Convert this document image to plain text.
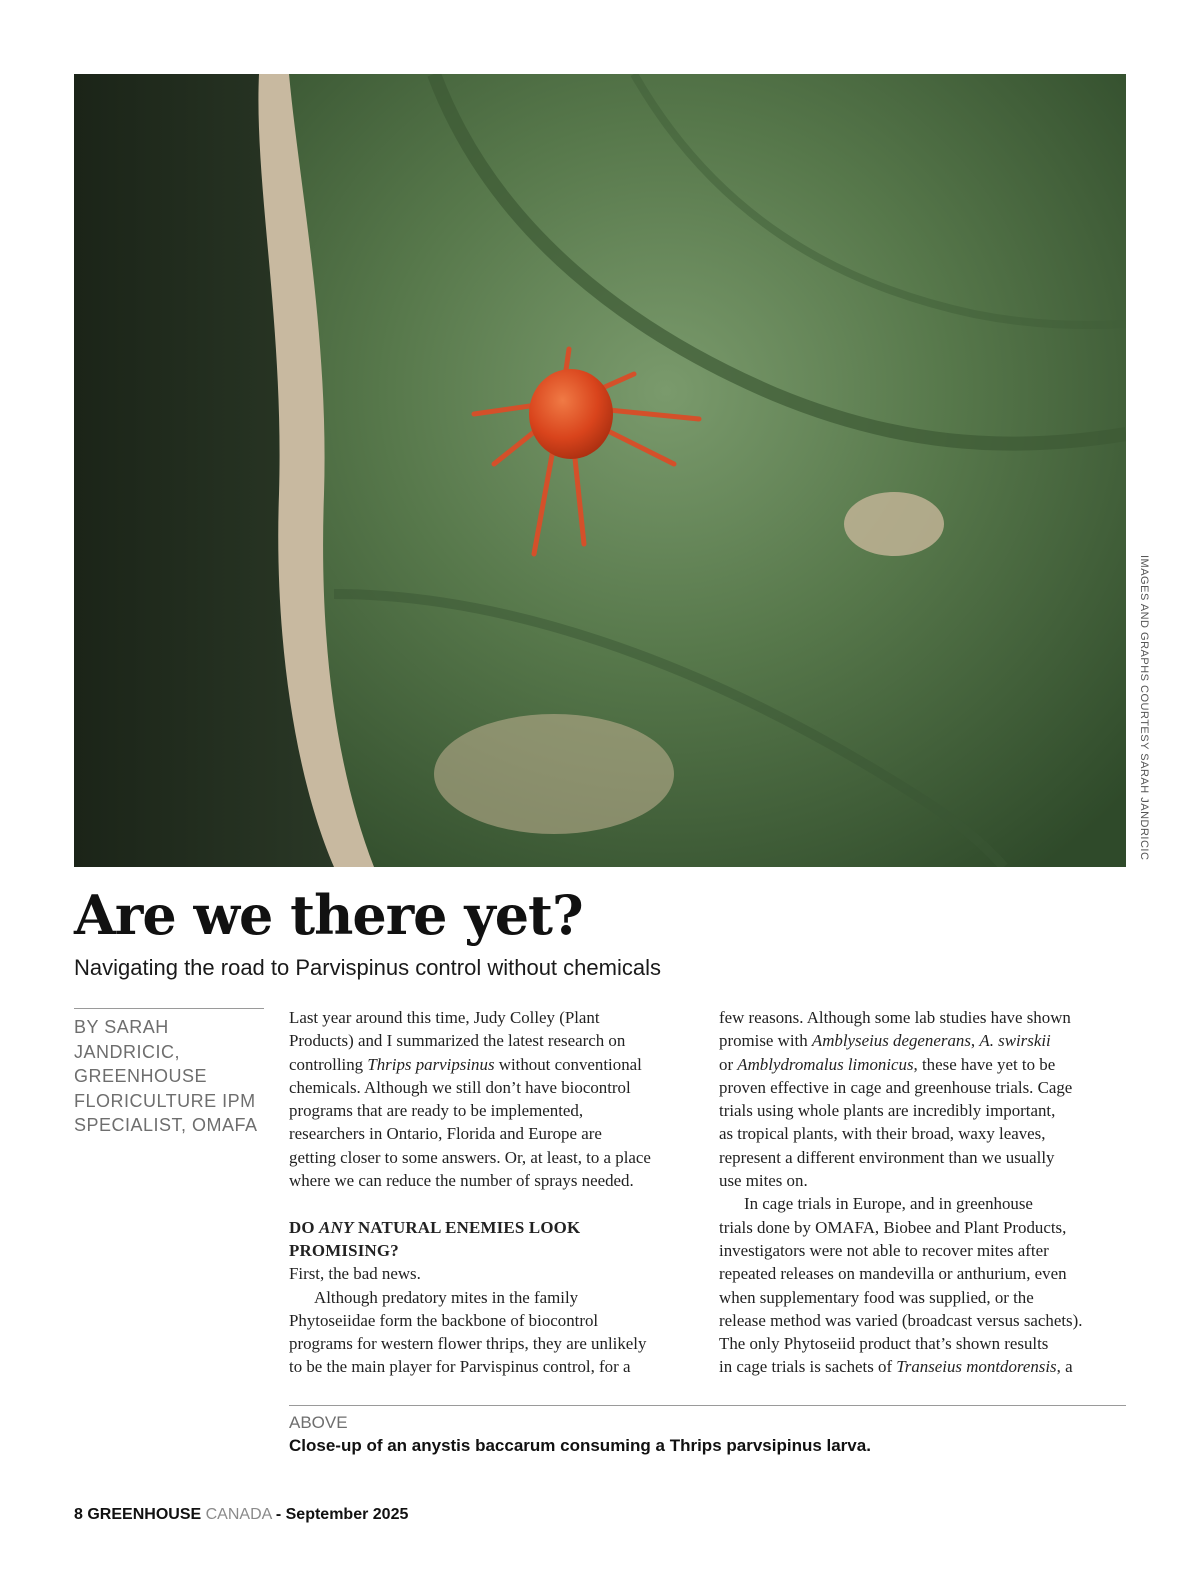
IMAGES AND GRAPHS COURTESY SARAH JANDRICIC
Are we there yet?

Navigating the road to Parvispinus control without chemicals

BY SARAH
JANDRICIC,
GREENHOUSE
FLORICULTURE IPM
SPECIALIST, OMAFA

Last year around this time, Judy Colley (Plant

Products) and I summarized the latest research on

controlling Thrips parvipsinus without conventional

chemicals. Although we still don’t have biocontrol

programs that are ready to be implemented,

researchers in Ontario, Florida and Europe are

getting closer to some answers. Or, at least, to a place

where we can reduce the number of sprays needed.

DO ANY NATURAL ENEMIES LOOK
PROMISING?

First, the bad news.

Although predatory mites in the family

Phytoseiidae form the backbone of biocontrol

programs for western flower thrips, they are unlikely

to be the main player for Parvispinus control, for a

few reasons. Although some lab studies have shown

promise with Amblyseius degenerans, A. swirskii

or Amblydromalus limonicus, these have yet to be

proven effective in cage and greenhouse trials. Cage

trials using whole plants are incredibly important,

as tropical plants, with their broad, waxy leaves,

represent a different environment than we usually

use mites on.

In cage trials in Europe, and in greenhouse

trials done by OMAFA, Biobee and Plant Products,

investigators were not able to recover mites after

repeated releases on mandevilla or anthurium, even

when supplementary food was supplied, or the

release method was varied (broadcast versus sachets).

The only Phytoseiid product that’s shown results

in cage trials is sachets of Transeius montdorensis, a

ABOVE
Close-up of an anystis baccarum consuming a Thrips parvsipinus larva.
8 GREENHOUSE CANADA - September 2025
